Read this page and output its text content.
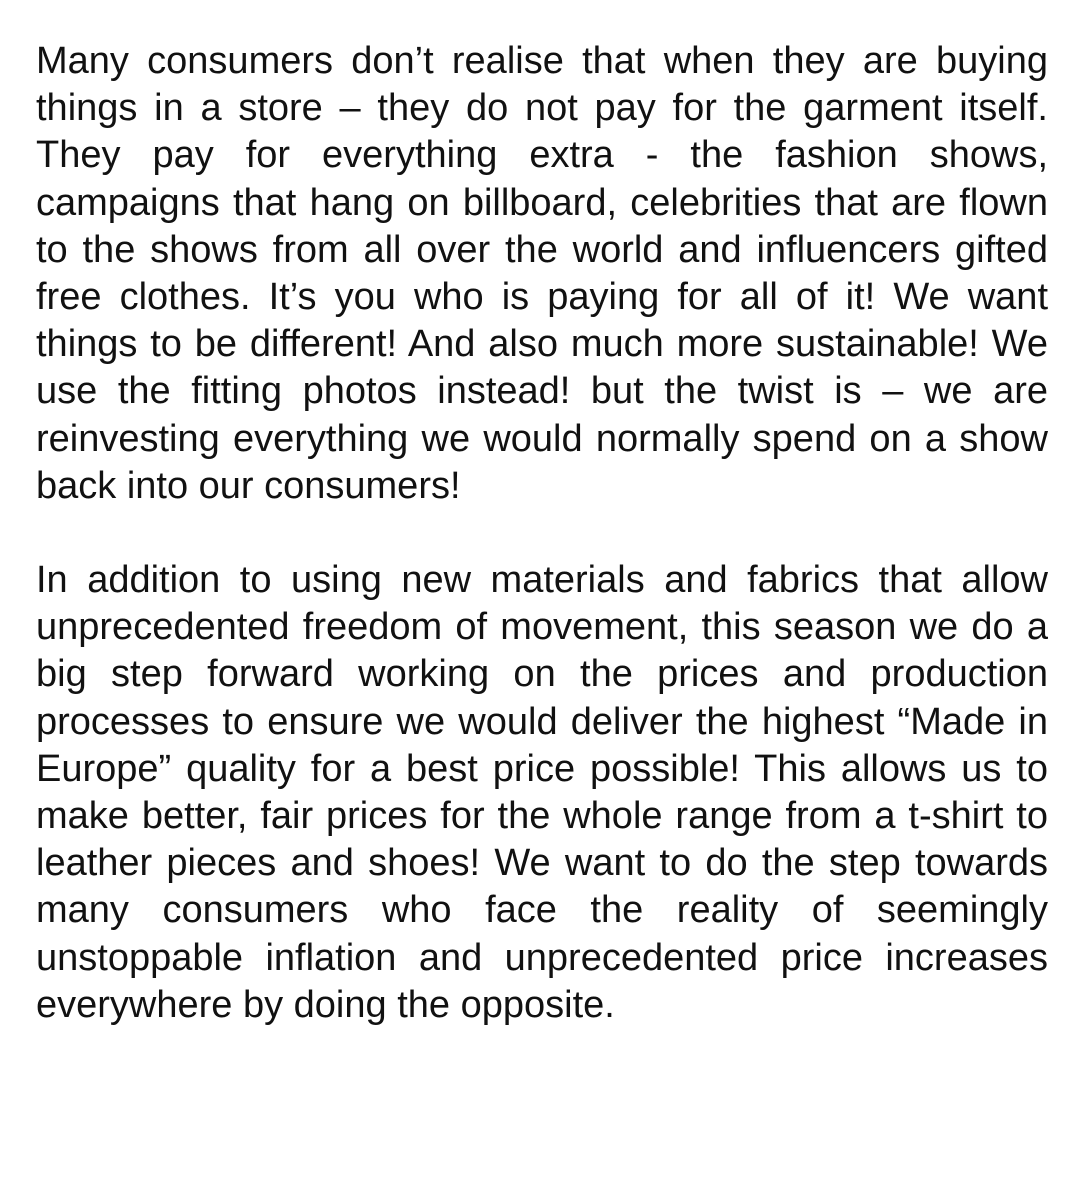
Many consumers don’t realise that when they are buying things in a store – they do not pay for the garment itself. They pay for everything extra - the fashion shows, campaigns that hang on billboard, celebrities that are flown to the shows from all over the world and influencers gifted free clothes. It’s you who is paying for all of it! We want things to be different! And also much more sustainable! We use the fitting photos instead! but the twist is – we are reinvesting everything we would normally spend on a show back into our consumers!

In addition to using new materials and fabrics that allow unprecedented freedom of movement, this season we do a big step forward working on the prices and production processes to ensure we would deliver the highest “Made in Europe” quality for a best price possible! This allows us to make better, fair prices for the whole range from a t-shirt to leather pieces and shoes! We want to do the step towards many consumers who face the reality of seemingly unstoppable inflation and unprecedented price increases everywhere by doing the opposite.
